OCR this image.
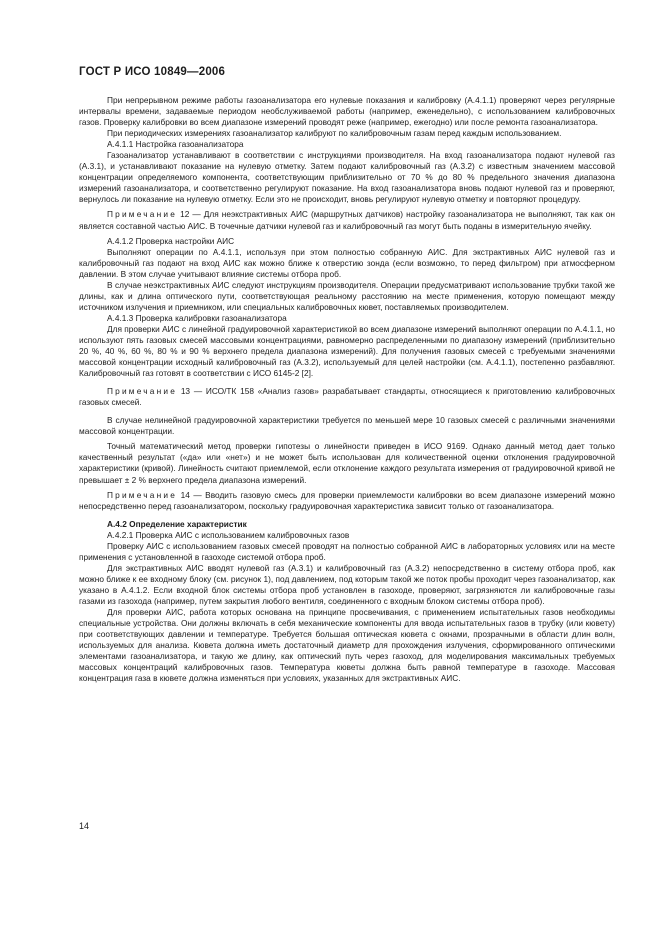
ГОСТ Р ИСО 10849—2006

При непрерывном режиме работы газоанализатора его нулевые показания и калибровку (А.4.1.1) проверяют через регулярные интервалы времени, задаваемые периодом необслуживаемой работы (например, еженедельно), с использованием калибровочных газов. Проверку калибровки во всем диапазоне измерений проводят реже (например, ежегодно) или после ремонта газоанализатора.

При периодических измерениях газоанализатор калибруют по калибровочным газам перед каждым использованием.

А.4.1.1 Настройка газоанализатора

Газоанализатор устанавливают в соответствии с инструкциями производителя. На вход газоанализатора подают нулевой газ (А.3.1), и устанавливают показание на нулевую отметку. Затем подают калибровочный газ (А.3.2) с известным значением массовой концентрации определяемого компонента, соответствующим приблизительно от 70 % до 80 % предельного значения диапазона измерений газоанализатора, и соответственно регулируют показание. На вход газоанализатора вновь подают нулевой газ и проверяют, вернулось ли показание на нулевую отметку. Если это не происходит, вновь регулируют нулевую отметку и повторяют процедуру.

Примечание 12 — Для неэкстрактивных АИС (маршрутных датчиков) настройку газоанализатора не выполняют, так как он является составной частью АИС. В точечные датчики нулевой газ и калибровочный газ могут быть поданы в измерительную ячейку.

А.4.1.2 Проверка настройки АИС

Выполняют операции по А.4.1.1, используя при этом полностью собранную АИС. Для экстрактивных АИС нулевой газ и калибровочный газ подают на вход АИС как можно ближе к отверстию зонда (если возможно, то перед фильтром) при атмосферном давлении. В этом случае учитывают влияние системы отбора проб.

В случае неэкстрактивных АИС следуют инструкциям производителя. Операции предусматривают использование трубки такой же длины, как и длина оптического пути, соответствующая реальному расстоянию на месте применения, которую помещают между источником излучения и приемником, или специальных калибровочных кювет, поставляемых производителем.

А.4.1.3 Проверка калибровки газоанализатора

Для проверки АИС с линейной градуировочной характеристикой во всем диапазоне измерений выполняют операции по А.4.1.1, но используют пять газовых смесей массовыми концентрациями, равномерно распределенными по диапазону измерений (приблизительно 20 %, 40 %, 60 %, 80 % и 90 % верхнего предела диапазона измерений). Для получения газовых смесей с требуемыми значениями массовой концентрации исходный калибровочный газ (А.3.2), используемый для целей настройки (см. А.4.1.1), постепенно разбавляют. Калибровочный газ готовят в соответствии с ИСО 6145-2 [2].

Примечание 13 — ИСО/ТК 158 «Анализ газов» разрабатывает стандарты, относящиеся к приготовлению калибровочных газовых смесей.

В случае нелинейной градуировочной характеристики требуется по меньшей мере 10 газовых смесей с различными значениями массовой концентрации.

Точный математический метод проверки гипотезы о линейности приведен в ИСО 9169. Однако данный метод дает только качественный результат («да» или «нет») и не может быть использован для количественной оценки отклонения градуировочной характеристики (кривой). Линейность считают приемлемой, если отклонение каждого результата измерения от градуировочной кривой не превышает ± 2 % верхнего предела диапазона измерений.

Примечание 14 — Вводить газовую смесь для проверки приемлемости калибровки во всем диапазоне измерений можно непосредственно перед газоанализатором, поскольку градуировочная характеристика зависит только от газоанализатора.

А.4.2 Определение характеристик

А.4.2.1 Проверка АИС с использованием калибровочных газов

Проверку АИС с использованием газовых смесей проводят на полностью собранной АИС в лабораторных условиях или на месте применения с установленной в газоходе системой отбора проб.

Для экстрактивных АИС вводят нулевой газ (А.3.1) и калибровочный газ (А.3.2) непосредственно в систему отбора проб, как можно ближе к ее входному блоку (см. рисунок 1), под давлением, под которым такой же поток пробы проходит через газоанализатор, как указано в А.4.1.2. Если входной блок системы отбора проб установлен в газоходе, проверяют, загрязняются ли калибровочные газы газами из газохода (например, путем закрытия любого вентиля, соединенного с входным блоком системы отбора проб).

Для проверки АИС, работа которых основана на принципе просвечивания, с применением испытательных газов необходимы специальные устройства. Они должны включать в себя механические компоненты для ввода испытательных газов в трубку (или кювету) при соответствующих давлении и температуре. Требуется большая оптическая кювета с окнами, прозрачными в области длин волн, используемых для анализа. Кювета должна иметь достаточный диаметр для прохождения излучения, сформированного оптическими элементами газоанализатора, и такую же длину, как оптический путь через газоход, для моделирования максимальных требуемых массовых концентраций калибровочных газов. Температура кюветы должна быть равной температуре в газоходе. Массовая концентрация газа в кювете должна изменяться при условиях, указанных для экстрактивных АИС.

14
